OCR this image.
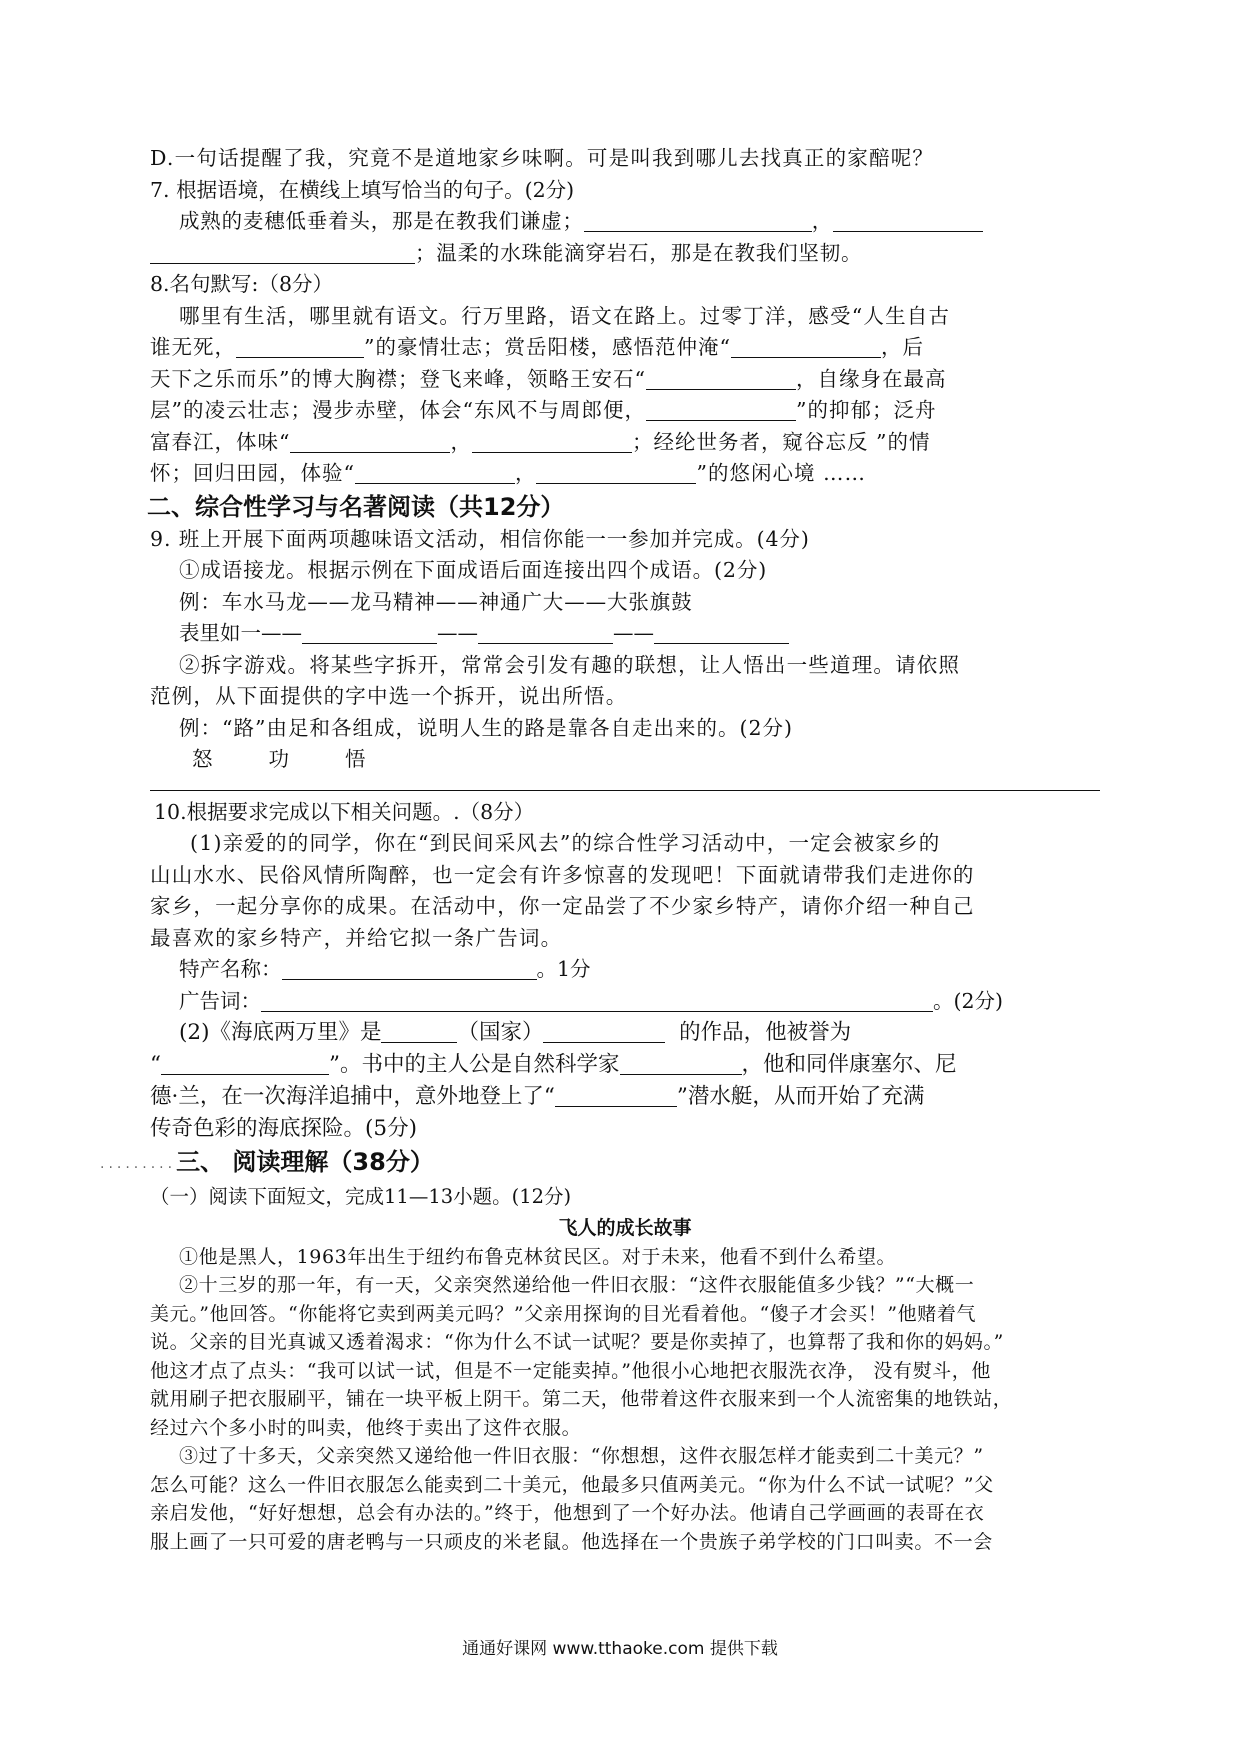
D.一句话提醒了我，究竟不是道地家乡味啊。可是叫我到哪儿去找真正的家醅呢？
7. 根据语境，在横线上填写恰当的句子。(2分)
成熟的麦穗低垂着头，那是在教我们谦虚；	，
；温柔的水珠能滴穿岩石，那是在教我们坚韧。
8.名句默写:（8分）
哪里有生活，哪里就有语文。行万里路，语文在路上。过零丁洋，感受“人生自古
谁无死，	”的豪情壮志；赏岳阳楼，感悟范仲淹“	，后
天下之乐而乐”的博大胸襟；登飞来峰，领略王安石“	，自缘身在最高
层”的凌云壮志；漫步赤壁，体会“东风不与周郎便，	”的抑郁；泛舟
富春江，体味“	，	；经纶世务者，窥谷忘反 ”的情
怀；回归田园，体验“	，	”的悠闲心境 ……
二、综合性学习与名著阅读（共12分）
9. 班上开展下面两项趣味语文活动，相信你能一一参加并完成。(4分)
①成语接龙。根据示例在下面成语后面连接出四个成语。(2分)
例：车水马龙——龙马精神——神通广大——大张旗鼓
表里如一——	——	——
②拆字游戏。将某些字拆开，常常会引发有趣的联想，让人悟出一些道理。请依照
范例，从下面提供的字中选一个拆开，说出所悟。
例：“路”由足和各组成，说明人生的路是靠各自走出来的。(2分)
怒	功	悟
10.根据要求完成以下相关问题。.（8分）
(1)亲爱的的同学，你在“到民间采风去”的综合性学习活动中，一定会被家乡的
山山水水、民俗风情所陶醉，也一定会有许多惊喜的发现吧！下面就请带我们走进你的
家乡，一起分享你的成果。在活动中，你一定品尝了不少家乡特产，请你介绍一种自己
最喜欢的家乡特产，并给它拟一条广告词。
特产名称：	。1分
广告词：	。(2分)
(2)《海底两万里》是	（国家）	的作品，他被誉为
“	”。书中的主人公是自然科学家	，他和同伴康塞尔、尼
德·兰，在一次海洋追捕中，意外地登上了“	”潜水艇，从而开始了充满
传奇色彩的海底探险。(5分)
.........三、 阅读理解（38分）
（一）阅读下面短文，完成11—13小题。(12分)
飞人的成长故事
①他是黑人，1963年出生于纽约布鲁克林贫民区。对于未来，他看不到什么希望。
②十三岁的那一年，有一天，父亲突然递给他一件旧衣服：“这件衣服能值多少钱？”“大概一
美元。”他回答。“你能将它卖到两美元吗？”父亲用探询的目光看着他。“傻子才会买！”他赌着气
说。父亲的目光真诚又透着渴求：“你为什么不试一试呢？要是你卖掉了，也算帮了我和你的妈妈。”
他这才点了点头：“我可以试一试，但是不一定能卖掉。”他很小心地把衣服洗衣净， 没有熨斗，他
就用刷子把衣服刷平，铺在一块平板上阴干。第二天，他带着这件衣服来到一个人流密集的地铁站，
经过六个多小时的叫卖，他终于卖出了这件衣服。
③过了十多天，父亲突然又递给他一件旧衣服：“你想想，这件衣服怎样才能卖到二十美元？”
怎么可能？这么一件旧衣服怎么能卖到二十美元，他最多只值两美元。“你为什么不试一试呢？”父
亲启发他，“好好想想，总会有办法的。”终于，他想到了一个好办法。他请自己学画画的表哥在衣
服上画了一只可爱的唐老鸭与一只顽皮的米老鼠。他选择在一个贵族子弟学校的门口叫卖。不一会
通通好课网 www.tthaoke.com 提供下载
